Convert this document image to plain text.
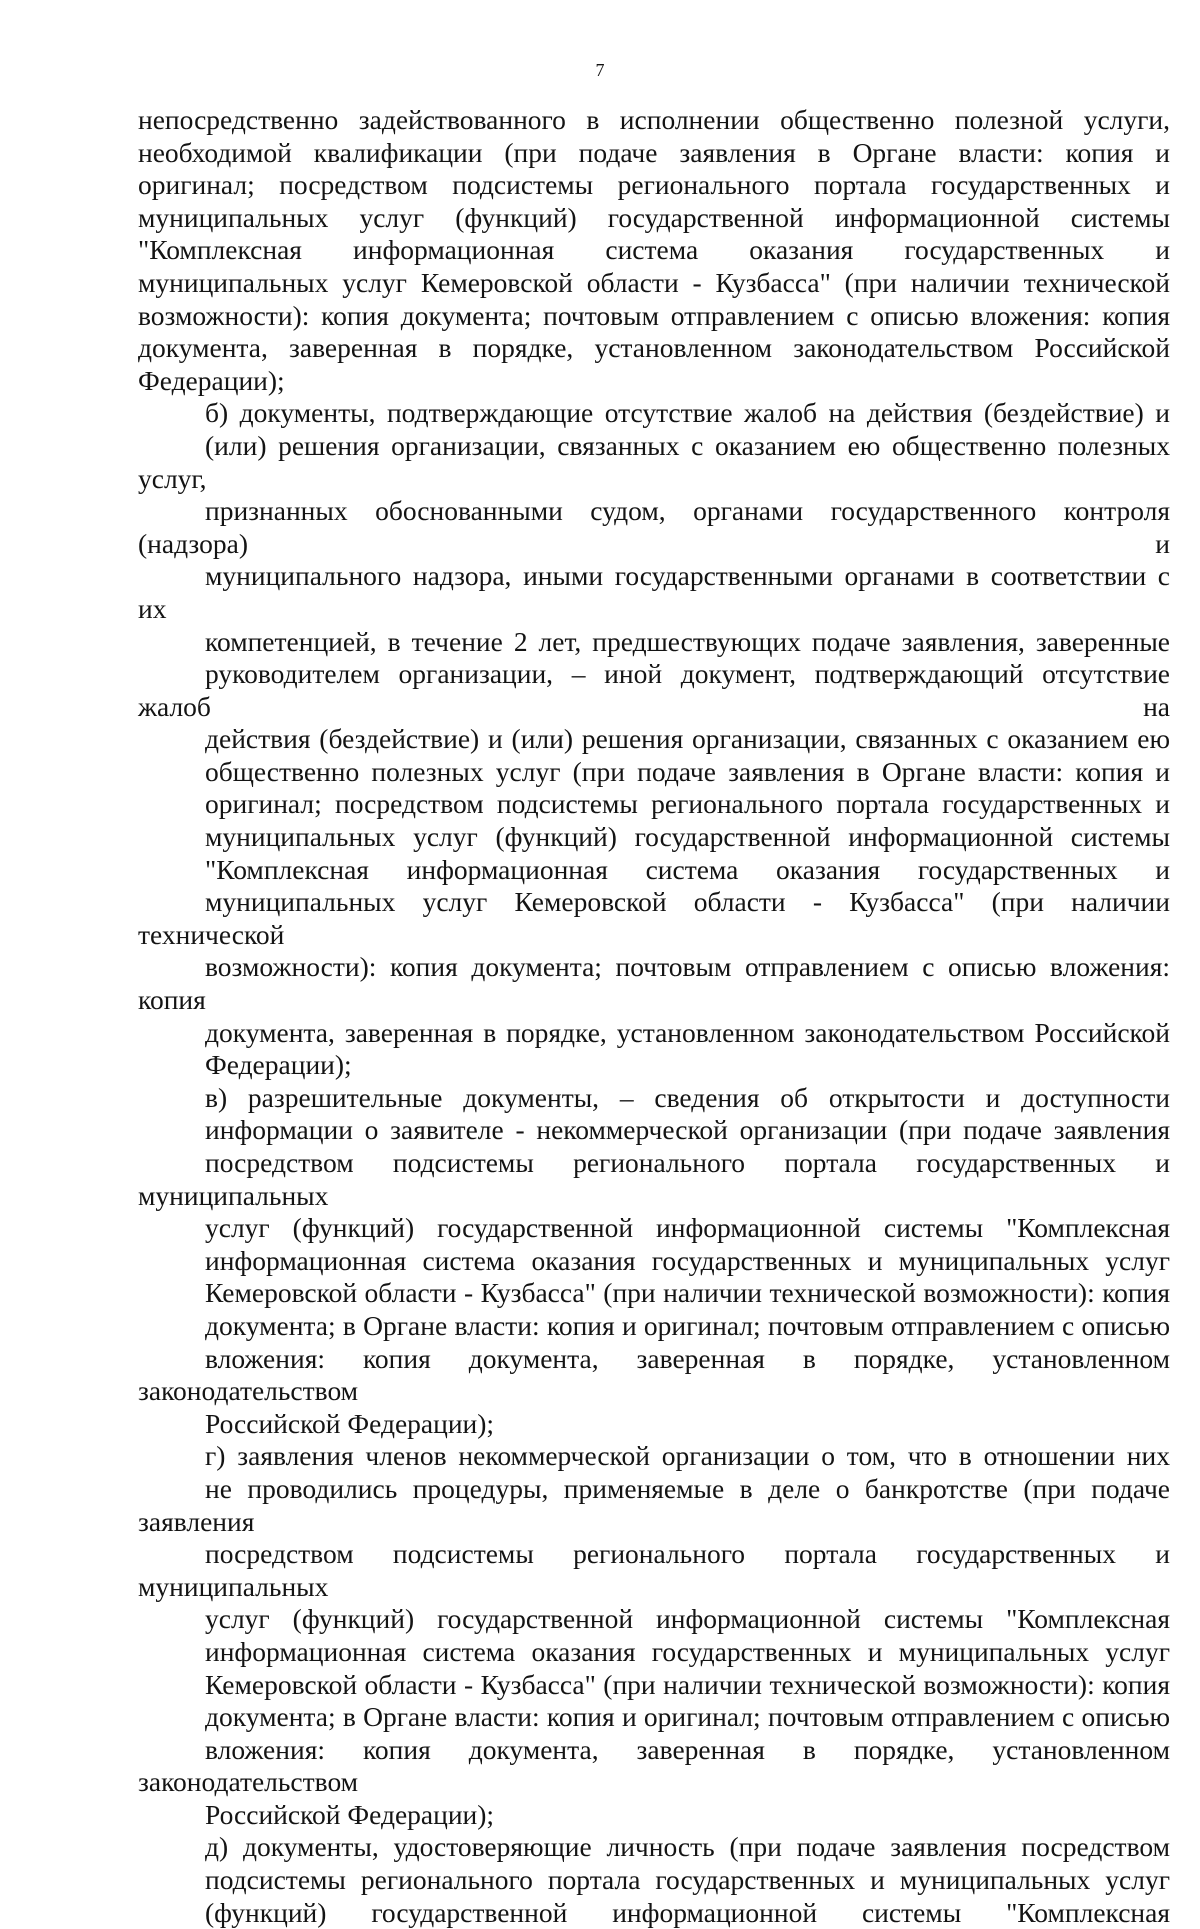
7
непосредственно задействованного в исполнении общественно полезной услуги,
необходимой квалификации (при подаче заявления в Органе власти: копия и
оригинал; посредством подсистемы регионального портала государственных и
муниципальных услуг (функций) государственной информационной системы
"Комплексная информационная система оказания государственных и
муниципальных услуг Кемеровской области - Кузбасса" (при наличии технической
возможности): копия документа; почтовым отправлением с описью вложения: копия
документа, заверенная в порядке, установленном законодательством Российской
Федерации);
б) документы, подтверждающие отсутствие жалоб на действия (бездействие) и
(или) решения организации, связанных с оказанием ею общественно полезных услуг,
признанных обоснованными судом, органами государственного контроля (надзора) и
муниципального надзора, иными государственными органами в соответствии с их
компетенцией, в течение 2 лет, предшествующих подаче заявления, заверенные
руководителем организации, – иной документ, подтверждающий отсутствие жалоб на
действия (бездействие) и (или) решения организации, связанных с оказанием ею
общественно полезных услуг (при подаче заявления в Органе власти: копия и
оригинал; посредством подсистемы регионального портала государственных и
муниципальных услуг (функций) государственной информационной системы
"Комплексная информационная система оказания государственных и
муниципальных услуг Кемеровской области - Кузбасса" (при наличии технической
возможности): копия документа; почтовым отправлением с описью вложения: копия
документа, заверенная в порядке, установленном законодательством Российской
Федерации);
в) разрешительные документы, – сведения об открытости и доступности
информации о заявителе - некоммерческой организации (при подаче заявления
посредством подсистемы регионального портала государственных и муниципальных
услуг (функций) государственной информационной системы "Комплексная
информационная система оказания государственных и муниципальных услуг
Кемеровской области - Кузбасса" (при наличии технической возможности): копия
документа; в Органе власти: копия и оригинал; почтовым отправлением с описью
вложения: копия документа, заверенная в порядке, установленном законодательством
Российской Федерации);
г) заявления членов некоммерческой организации о том, что в отношении них
не проводились процедуры, применяемые в деле о банкротстве (при подаче заявления
посредством подсистемы регионального портала государственных и муниципальных
услуг (функций) государственной информационной системы "Комплексная
информационная система оказания государственных и муниципальных услуг
Кемеровской области - Кузбасса" (при наличии технической возможности): копия
документа; в Органе власти: копия и оригинал; почтовым отправлением с описью
вложения: копия документа, заверенная в порядке, установленном законодательством
Российской Федерации);
д) документы, удостоверяющие личность (при подаче заявления посредством
подсистемы регионального портала государственных и муниципальных услуг
(функций) государственной информационной системы "Комплексная
